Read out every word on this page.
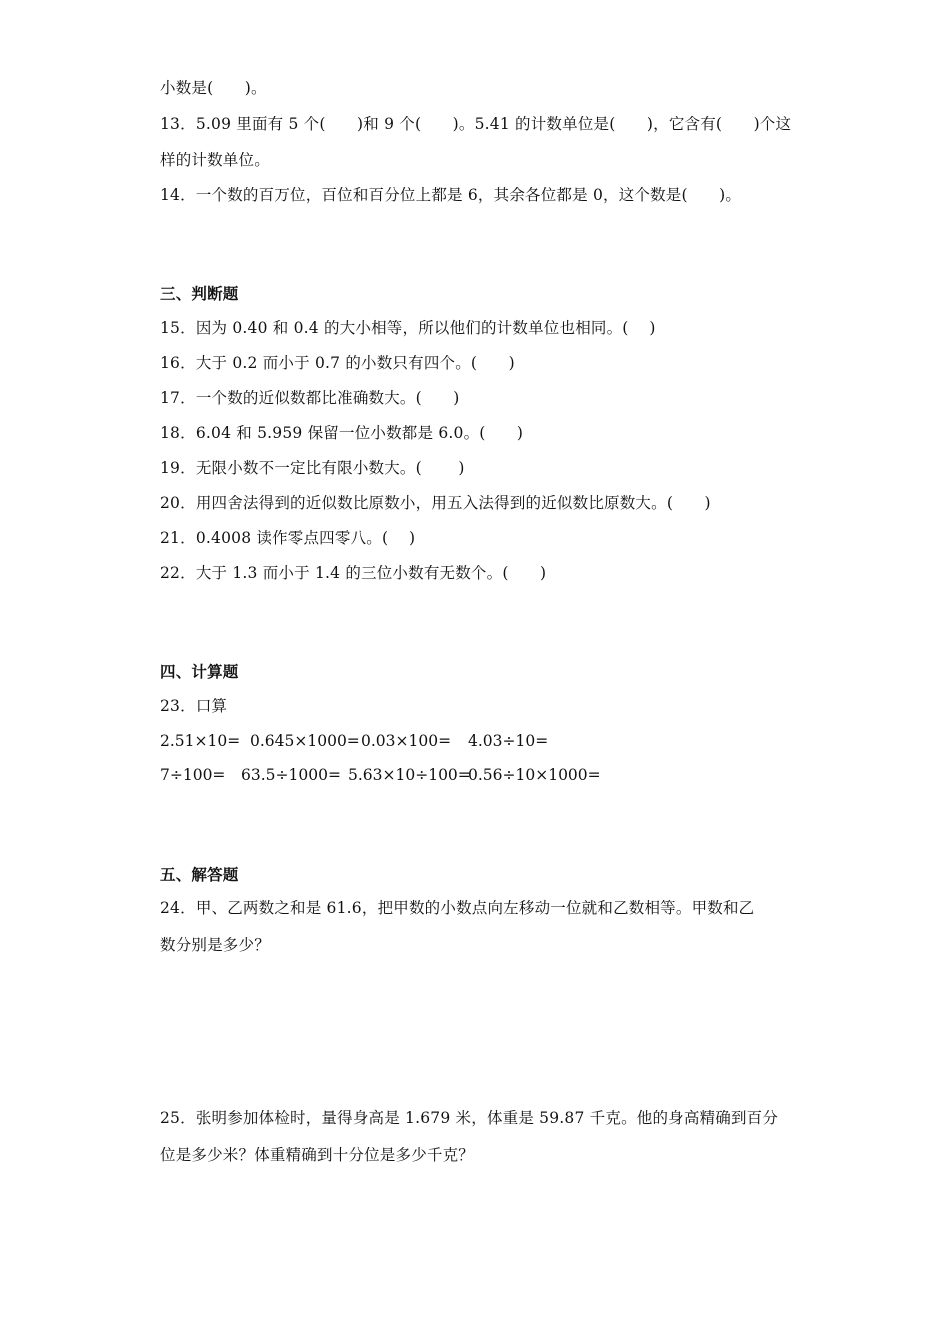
小数是(　　)。
13．5.09 里面有 5 个(　　)和 9 个(　　)。5.41 的计数单位是(　　)，它含有(　　)个这
样的计数单位。
14．一个数的百万位，百位和百分位上都是 6，其余各位都是 0，这个数是(　　)。
三、判断题
15．因为 0.40 和 0.4 的大小相等，所以他们的计数单位也相同。(　 )
16．大于 0.2 而小于 0.7 的小数只有四个。(　　)
17．一个数的近似数都比准确数大。(　　)
18．6.04 和 5.959 保留一位小数都是 6.0。(　　)
19．无限小数不一定比有限小数大。(　　 )
20．用四舍法得到的近似数比原数小，用五入法得到的近似数比原数大。(　　)
21．0.4008 读作零点四零八。(　 )
22．大于 1.3 而小于 1.4 的三位小数有无数个。(　　)
四、计算题
23．口算
2.51×10= 0.645×1000= 0.03×100= 4.03÷10=
7÷100= 63.5÷1000= 5.63×10÷100=
0.56÷10×1000=
五、解答题
24．甲、乙两数之和是 61.6，把甲数的小数点向左移动一位就和乙数相等。甲数和乙
数分别是多少？
25．张明参加体检时，量得身高是 1.679 米，体重是 59.87 千克。他的身高精确到百分
位是多少米？体重精确到十分位是多少千克？
